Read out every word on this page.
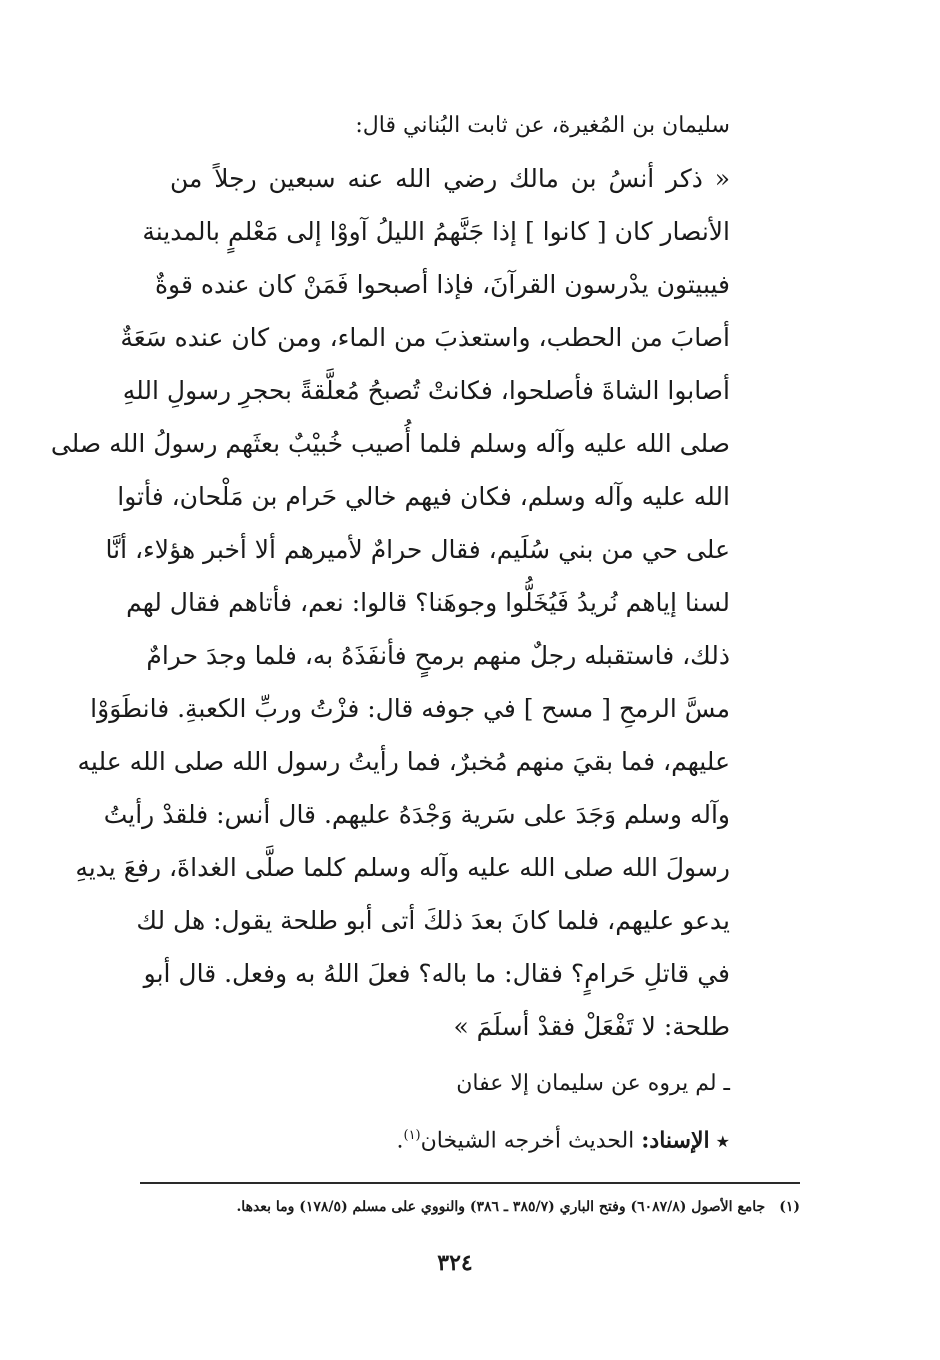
سليمان بن المُغيرة، عن ثابت البُناني قال:
« ذكر أنسُ بن مالك رضي الله عنه سبعين رجلاً من
الأنصار كان [ كانوا ] إذا جَنَّهمُ الليلُ آووْا إلى مَعْلمٍ بالمدينة
فيبيتون يدْرسون القرآنَ، فإذا أصبحوا فَمَنْ كان عنده قوةٌ
أصابَ من الحطب، واستعذبَ من الماء، ومن كان عنده سَعَةٌ
أصابوا الشاةَ فأصلحوا، فكانتْ تُصبحُ مُعلَّقةً بحجرِ رسولِ اللهِ
صلى الله عليه وآله وسلم فلما أُصيب خُبيْبٌ بعثَهم رسولُ الله صلى
الله عليه وآله وسلم، فكان فيهم خالي حَرام بن مَلْحان، فأتوا
على حي من بني سُلَيم، فقال حرامٌ لأميرهم ألا أخبر هؤلاء، أنَّا
لسنا إياهم نُريدُ فَيُخَلُّوا وجوهَنا؟ قالوا: نعم، فأتاهم فقال لهم
ذلك، فاستقبله رجلٌ منهم برمحٍ فأنفَذَهُ به، فلما وجدَ حرامٌ
مسَّ الرمحِ [ مسح ] في جوفه قال: فزْتُ وربِّ الكعبةِ. فانطَوَوْا
عليهم، فما بقيَ منهم مُخبرٌ، فما رأيتُ رسول الله صلى الله عليه
وآله وسلم وَجَدَ على سَرية وَجْدَهُ عليهم. قال أنس: فلقدْ رأيتُ
رسولَ الله صلى الله عليه وآله وسلم كلما صلَّى الغداةَ، رفعَ يديهِ
يدعو عليهم، فلما كانَ بعدَ ذلكَ أتى أبو طلحة يقول: هل لك
في قاتلِ حَرامٍ؟ فقال: ما باله؟ فعلَ اللهُ به وفعل. قال أبو
طلحة: لا تَفْعَلْ فقدْ أسلَمَ »
ـ لم يروه عن سليمان إلا عفان
★الإسناد: الحديث أخرجه الشيخان$^{(١)}$.
(١)جامع الأصول (٦٠٨٧/٨) وفتح الباري (٣٨٥/٧ ـ ٣٨٦) والنووي على مسلم (١٧٨/٥) وما بعدها.
٣٢٤
